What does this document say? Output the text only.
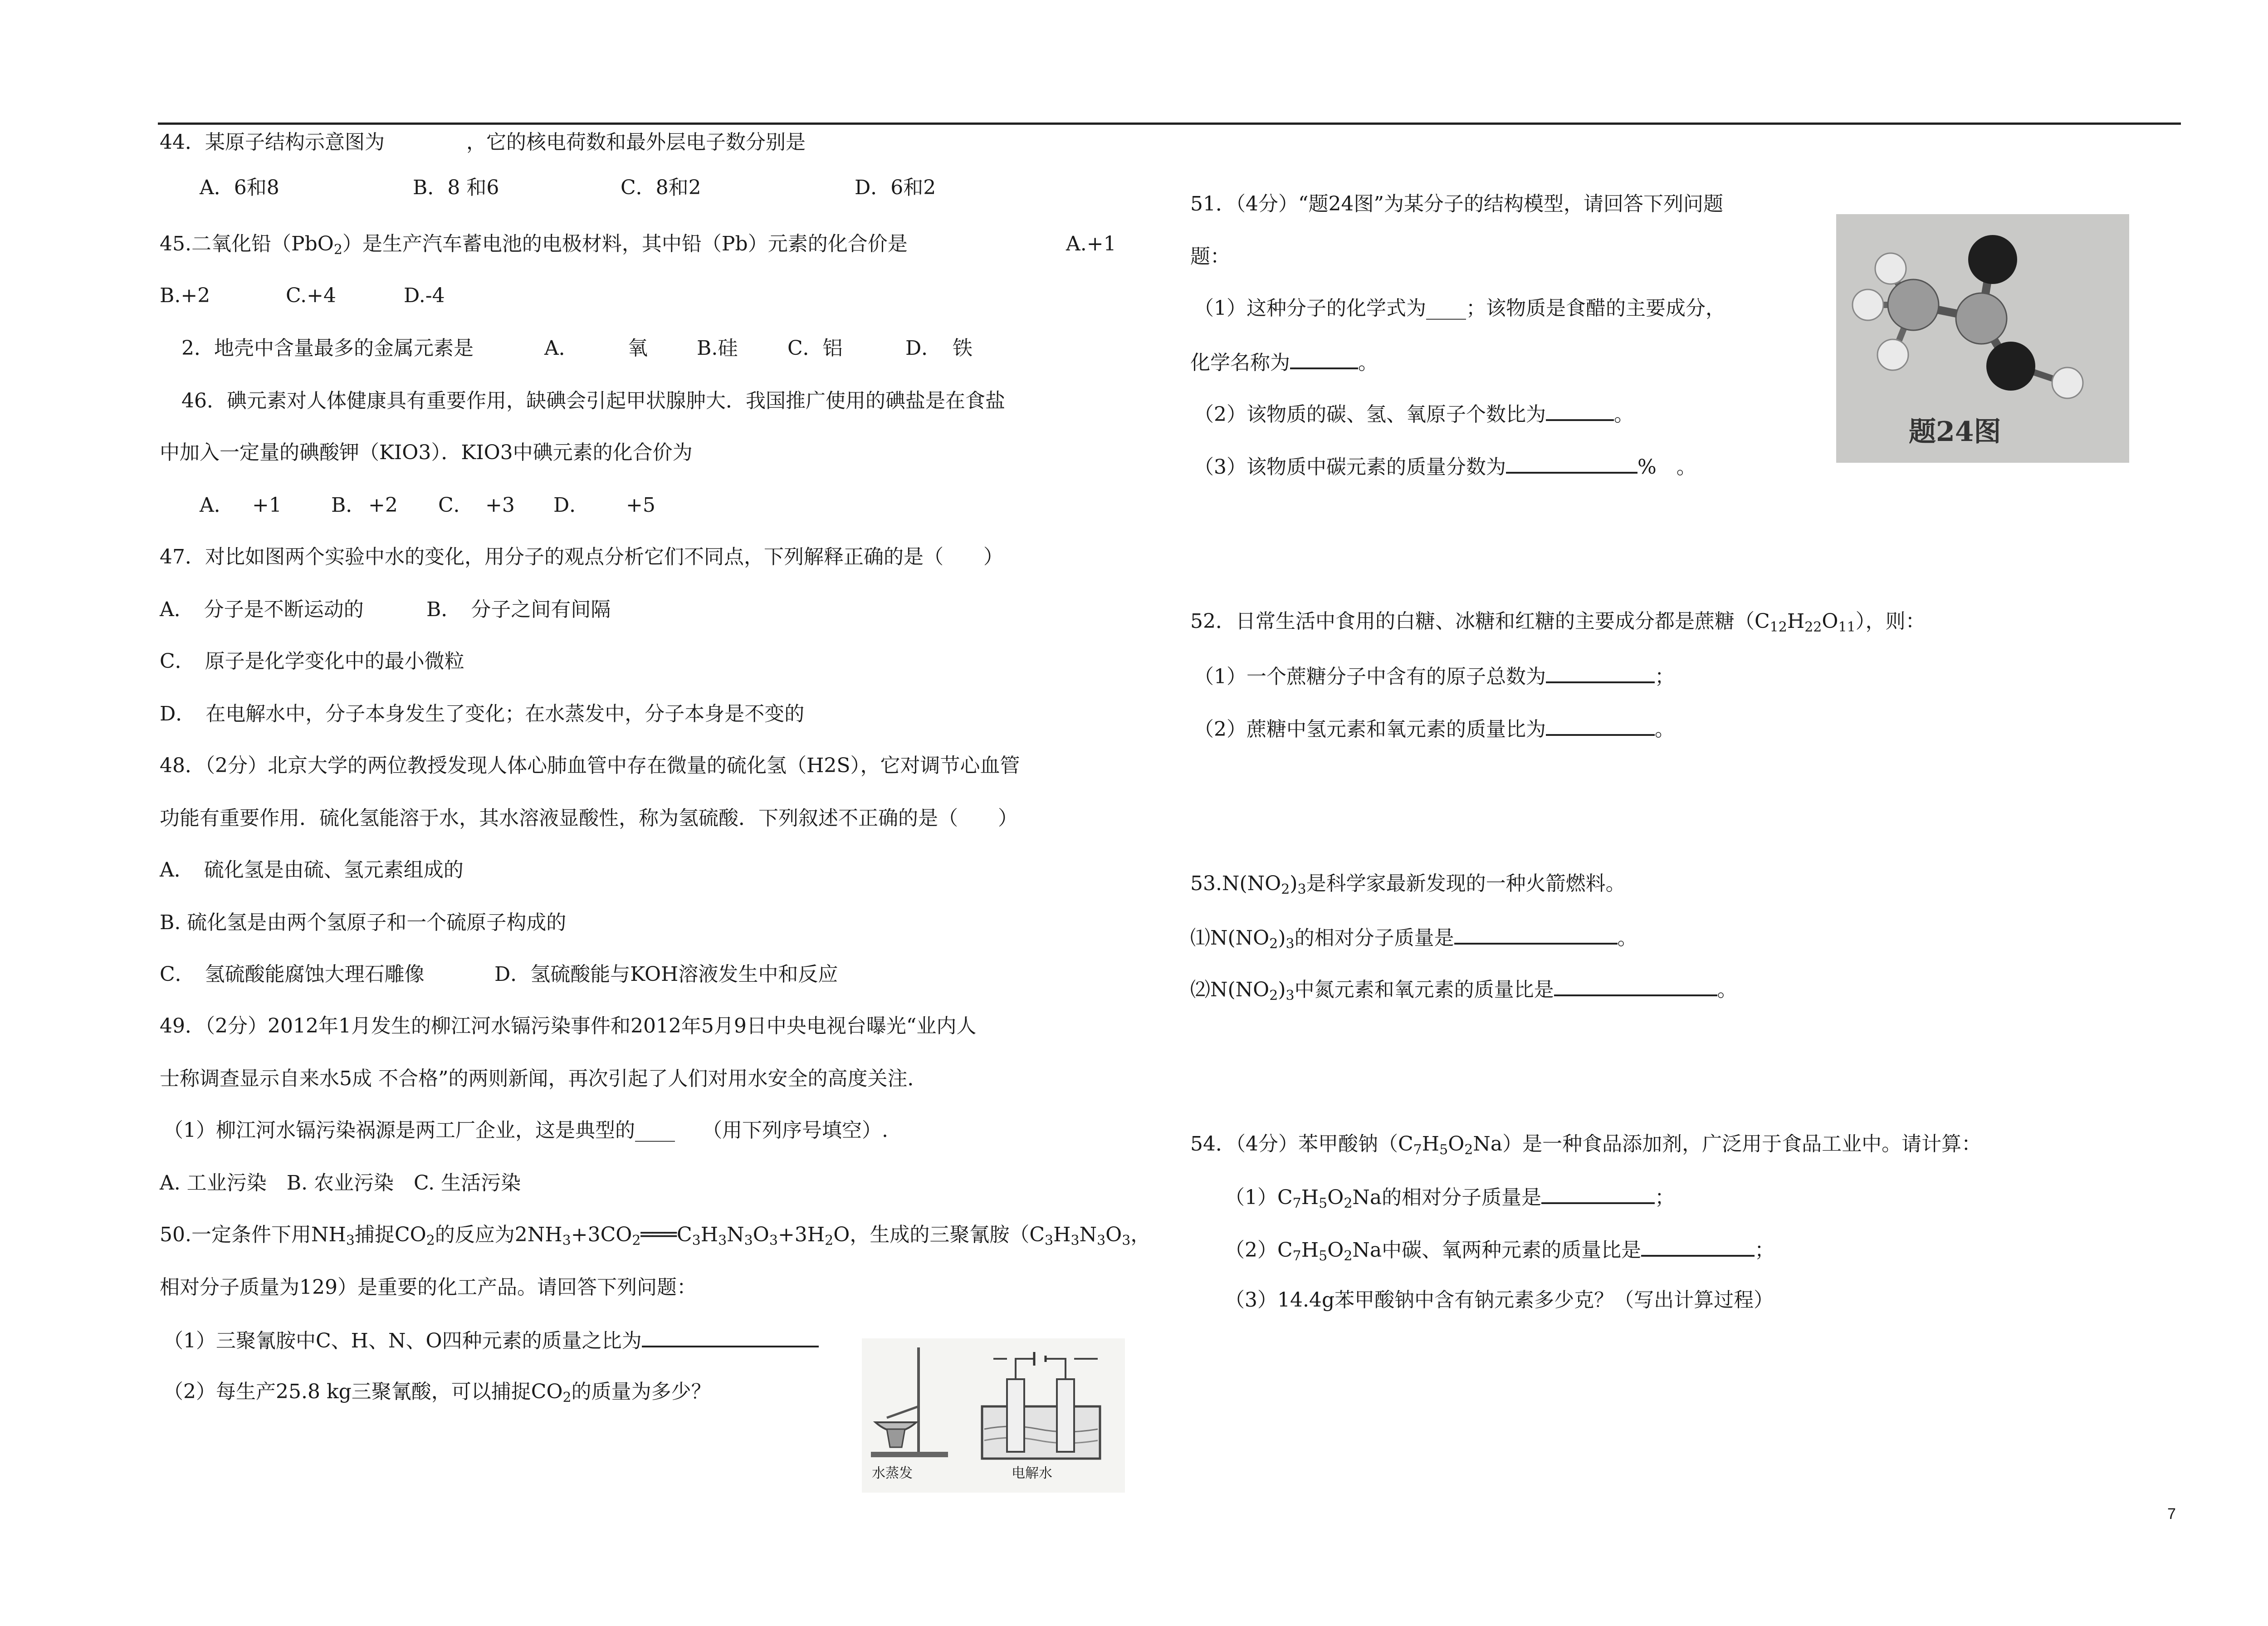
44．某原子结构示意图为	，它的核电荷数和最外层电子数分别是
A．6和8	B．8 和6	C．8和2	D．6和2
45.二氧化铅（PbO$_2$）是生产汽车蓄电池的电极材料，其中铅（Pb）元素的化合价是	A.+1
B.+2	C.+4	D.-4
2．地壳中含量最多的金属元素是	A． 氧 B.硅 C．铝	D． 铁
46．碘元素对人体健康具有重要作用，缺碘会引起甲状腺肿大．我国推广使用的碘盐是在食盐
中加入一定量的碘酸钾（KIO3）．KIO3中碘元素的化合价为
A． +1 B． +2 C． +3 D． +5
47．对比如图两个实验中水的变化，用分子的观点分析它们不同点，下列解释正确的是（　　）
A．　分子是不断运动的	B．　分子之间有间隔
C．　原子是化学变化中的最小微粒
D．　在电解水中，分子本身发生了变化；在水蒸发中，分子本身是不变的
48．（2分）北京大学的两位教授发现人体心肺血管中存在微量的硫化氢（H2S），它对调节心血管
功能有重要作用．硫化氢能溶于水，其水溶液显酸性，称为氢硫酸．下列叙述不正确的是（　　）
A．　硫化氢是由硫、氢元素组成的
B. 硫化氢是由两个氢原子和一个硫原子构成的
C．　氢硫酸能腐蚀大理石雕像	D．氢硫酸能与KOH溶液发生中和反应
49．（2分）2012年1月发生的柳江河水镉污染事件和2012年5月9日中央电视台曝光“业内人
士称调查显示自来水5成 不合格”的两则新闻，再次引起了人们对用水安全的高度关注．
（1）柳江河水镉污染祸源是两工厂企业，这是典型的____ （用下列序号填空）.
A. 工业污染　B. 农业污染　C. 生活污染
50.一定条件下用$NH_3$捕捉$CO_2$的反应为$2NH_3+3CO_2═══C_3H_3N_3O_3+3H_2O$，生成的三聚氰胺（$C_3H_3N_3O_3$，
相对分子质量为129）是重要的化工产品。请回答下列问题：
（1）三聚氰胺中C、H、N、O四种元素的质量之比为
（2）每生产25.8 kg三聚氰酸，可以捕捉$CO_2$的质量为多少？
水蒸发	电解水
51．（4分）“题24图”为某分子的结构模型，请回答下列问题
题：
（1）这种分子的化学式为____；该物质是食醋的主要成分，
化学名称为	。
（2）该物质的碳、氢、氧原子个数比为	。
（3）该物质中碳元素的质量分数为	%　。
题24图
52．日常生活中食用的白糖、冰糖和红糖的主要成分都是蔗糖$(C_{12}H_{22}O_{11})$，则：
（1）一个蔗糖分子中含有的原子总数为	；
（2）蔗糖中氢元素和氧元素的质量比为	。
$53.N(NO_2)_3$是科学家最新发现的一种火箭燃料。
$⑴N(NO_2)_3$的相对分子质量是	。
$⑵N(NO_2)_3$中氮元素和氧元素的质量比是	。
54．（4分）苯甲酸钠$(C_7H_5O_2Na)$是一种食品添加剂，广泛用于食品工业中。请计算：
$(1)C_7H_5O_2Na$的相对分子质量是	；
$(2)C_7H_5O_2Na$中碳、氧两种元素的质量比是	；
（3）14.4g苯甲酸钠中含有钠元素多少克？（写出计算过程）
7
